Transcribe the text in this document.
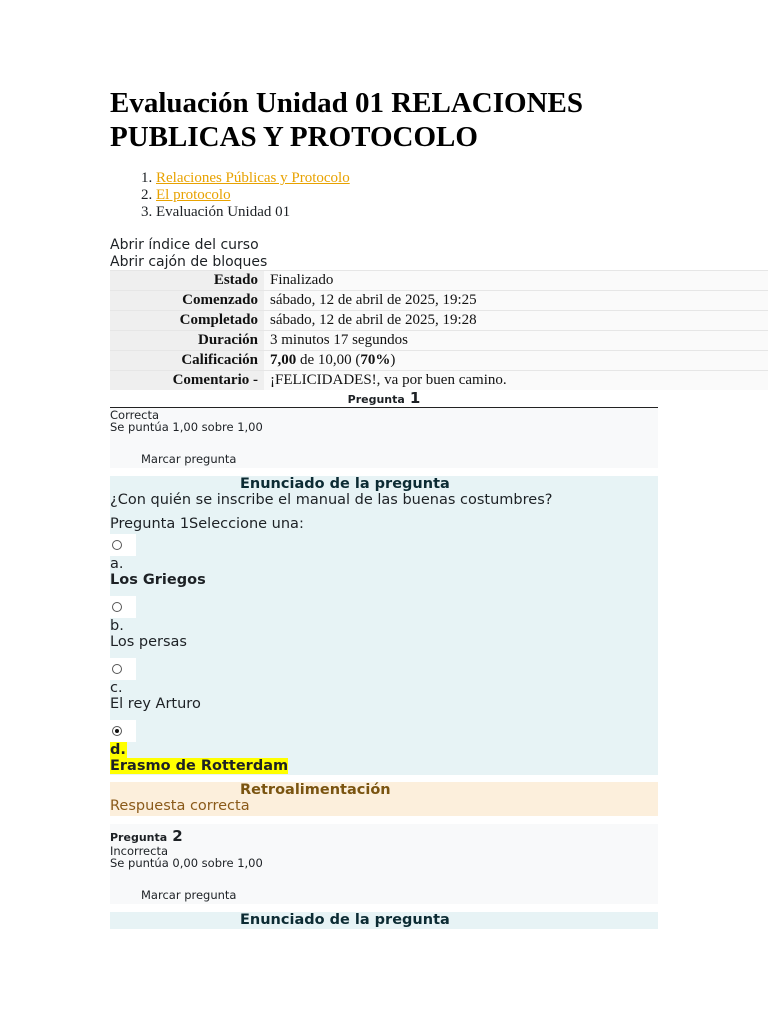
Evaluación Unidad 01 RELACIONES PUBLICAS Y PROTOCOLO
1. Relaciones Públicas y Protocolo
2. El protocolo
3. Evaluación Unidad 01
Abrir índice del curso
Abrir cajón de bloques
Estado	Finalizado
Comenzado	sábado, 12 de abril de 2025, 19:25
Completado	sábado, 12 de abril de 2025, 19:28
Duración	3 minutos 17 segundos
Calificación	7,00 de 10,00 (70%)
Comentario -	¡FELICIDADES!, va por buen camino.
Pregunta 1
Correcta
Se puntúa 1,00 sobre 1,00
Marcar pregunta
Enunciado de la pregunta
¿Con quién se inscribe el manual de las buenas costumbres?
Pregunta 1Seleccione una:
a.
Los Griegos
b.
Los persas
c.
El rey Arturo
d.
Erasmo de Rotterdam
Retroalimentación
Respuesta correcta
Pregunta 2
Incorrecta
Se puntúa 0,00 sobre 1,00
Marcar pregunta
Enunciado de la pregunta
